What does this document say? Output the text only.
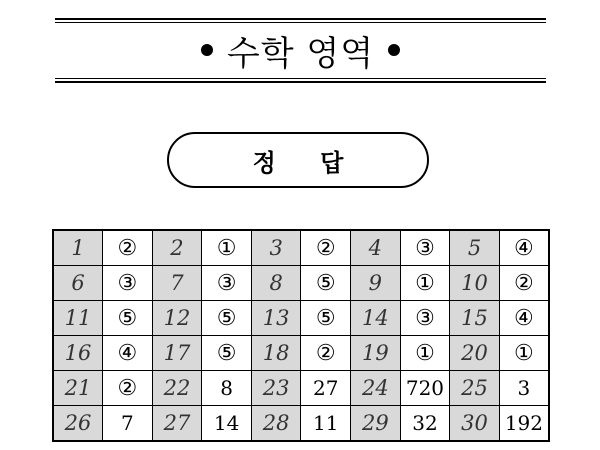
수학 영역
정 답
1	②	2	①	3	②	4	③	5	④
6	③	7	③	8	⑤	9	①	10	②
11	⑤	12	⑤	13	⑤	14	③	15	④
16	④	17	⑤	18	②	19	①	20	①
21	②	22	8	23	27	24	720	25	3
26	7	27	14	28	11	29	32	30	192
